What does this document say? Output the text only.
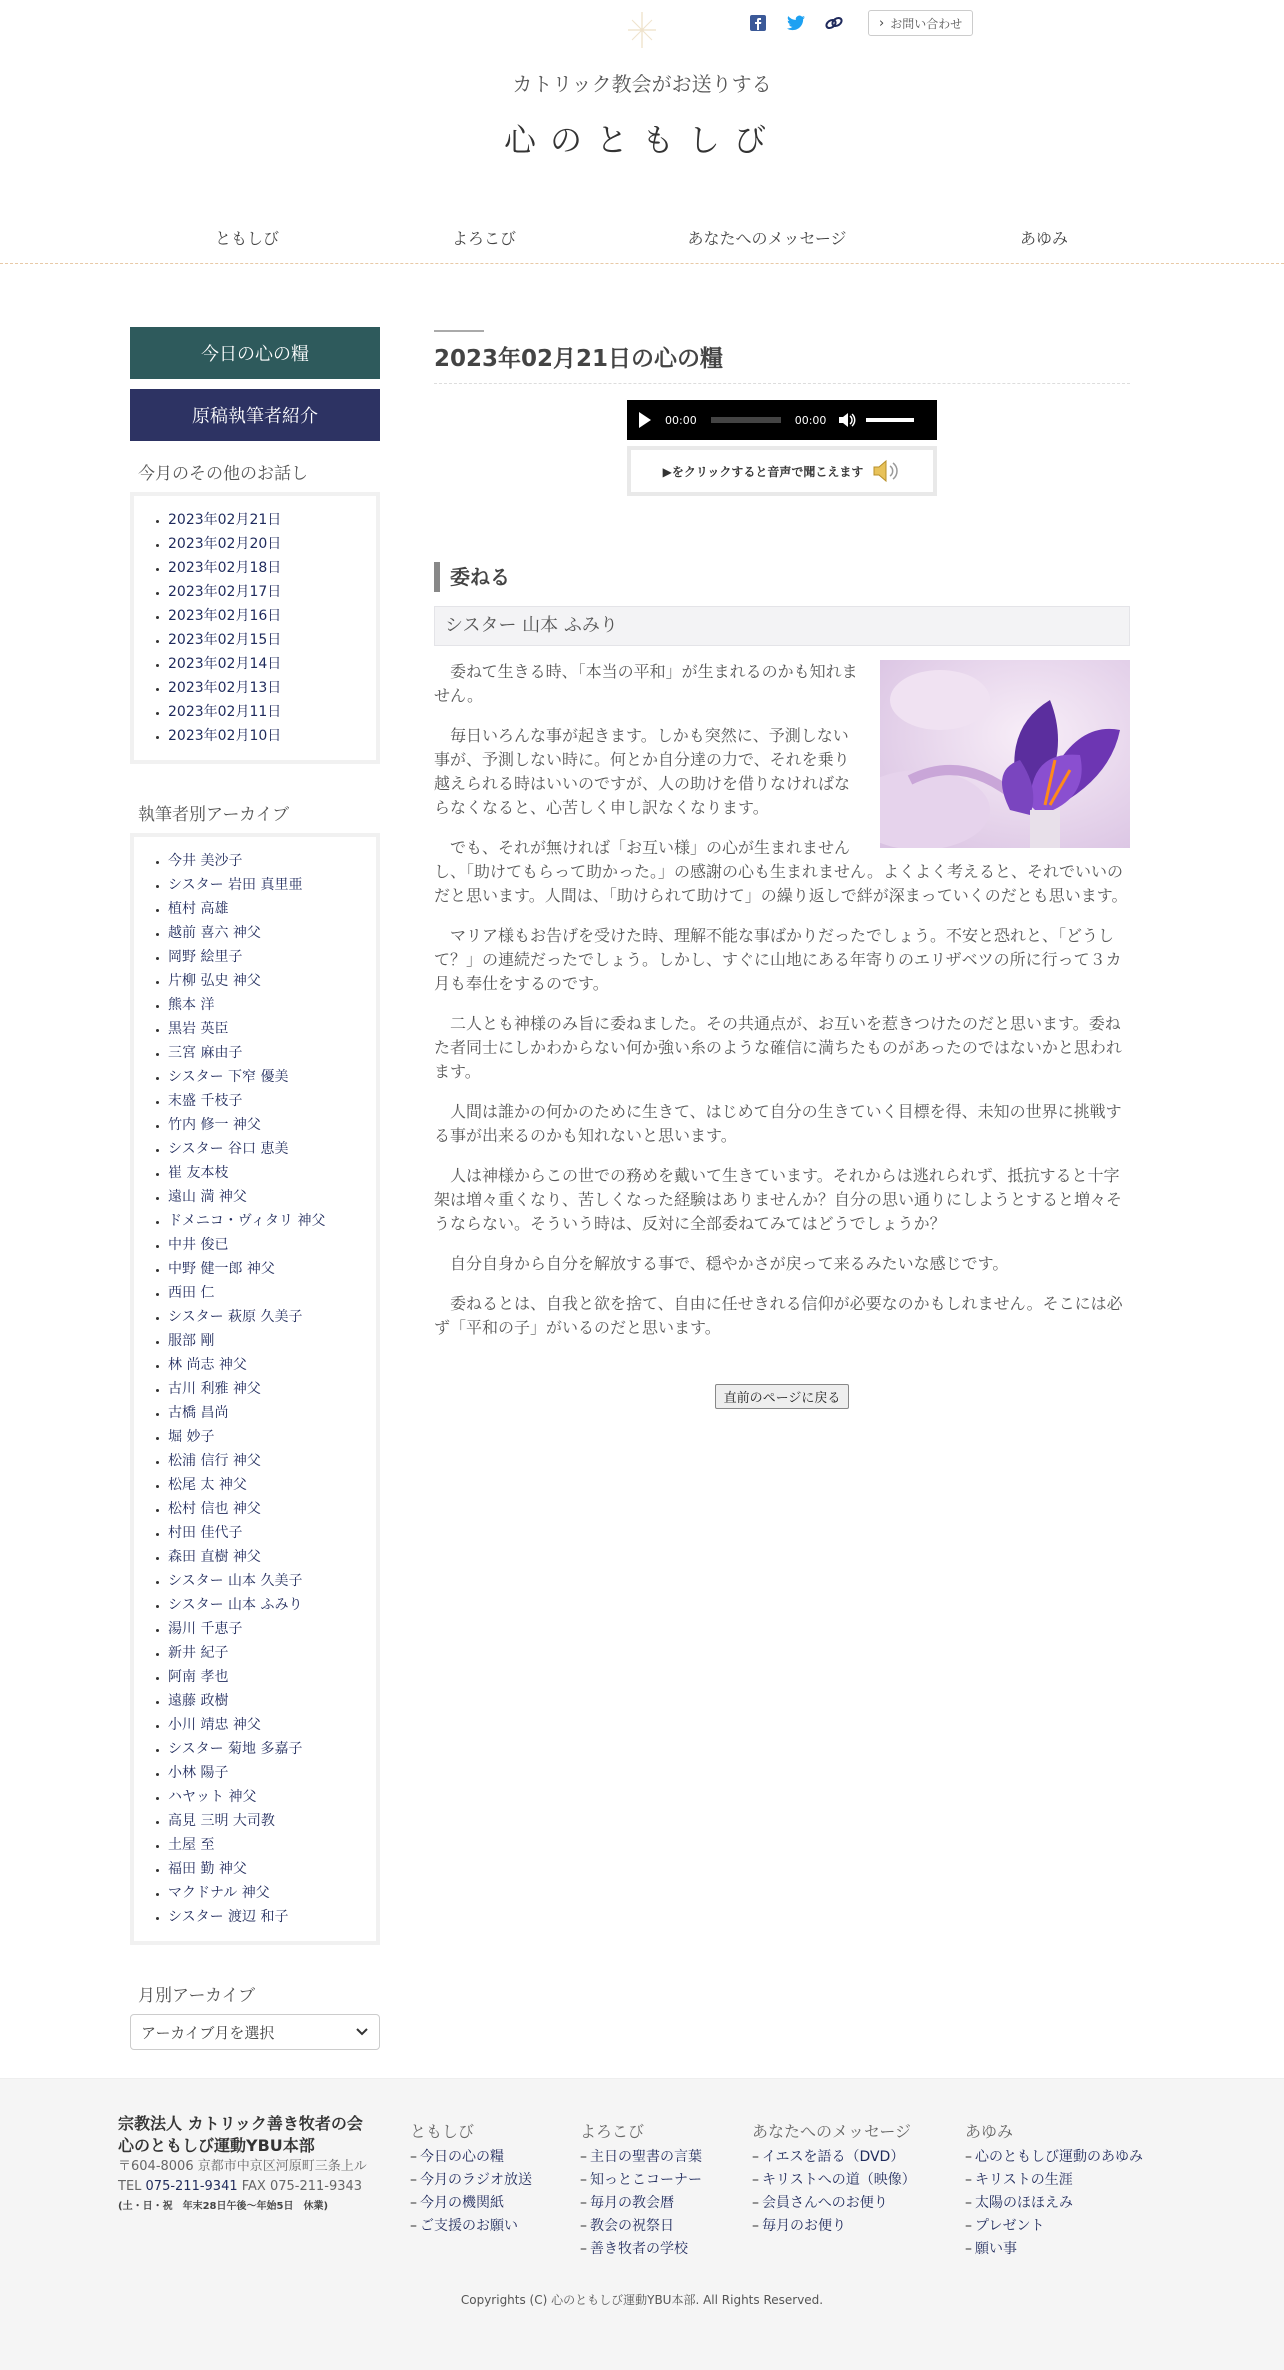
› お問い合わせ
カトリック教会がお送りする
心のともしび
ともしび	よろこび	あなたへのメッセージ	あゆみ
今日の心の糧
原稿執筆者紹介
今月のその他のお話し
• 2023年02月21日
• 2023年02月20日
• 2023年02月18日
• 2023年02月17日
• 2023年02月16日
• 2023年02月15日
• 2023年02月14日
• 2023年02月13日
• 2023年02月11日
• 2023年02月10日
執筆者別アーカイブ
• 今井 美沙子
• シスター 岩田 真里亜
• 植村 高雄
• 越前 喜六 神父
• 岡野 絵里子
• 片柳 弘史 神父
• 熊本 洋
• 黒岩 英臣
• 三宮 麻由子
• シスター 下窄 優美
• 末盛 千枝子
• 竹内 修一 神父
• シスター 谷口 恵美
• 崔 友本枝
• 遠山 満 神父
• ドメニコ・ヴィタリ 神父
• 中井 俊已
• 中野 健一郎 神父
• 西田 仁
• シスター 萩原 久美子
• 服部 剛
• 林 尚志 神父
• 古川 利雅 神父
• 古橋 昌尚
• 堀 妙子
• 松浦 信行 神父
• 松尾 太 神父
• 松村 信也 神父
• 村田 佳代子
• 森田 直樹 神父
• シスター 山本 久美子
• シスター 山本 ふみり
• 湯川 千恵子
• 新井 紀子
• 阿南 孝也
• 遠藤 政樹
• 小川 靖忠 神父
• シスター 菊地 多嘉子
• 小林 陽子
• ハヤット 神父
• 高見 三明 大司教
• 土屋 至
• 福田 勤 神父
• マクドナル 神父
• シスター 渡辺 和子
月別アーカイブ
アーカイブ月を選択
2023年02月21日の心の糧
00:00	00:00
▶をクリックすると音声で聞こえます
委ねる
シスター 山本 ふみり

委ねて生きる時、「本当の平和」が生まれるのかも知れません。

毎日いろんな事が起きます。しかも突然に、予測しない事が、予測しない時に。何とか自分達の力で、それを乗り越えられる時はいいのですが、人の助けを借りなければならなくなると、心苦しく申し訳なくなります。

でも、それが無ければ「お互い様」の心が生まれませんし、「助けてもらって助かった。」の感謝の心も生まれません。よくよく考えると、それでいいのだと思います。人間は、「助けられて助けて」の繰り返しで絆が深まっていくのだとも思います。

マリア様もお告げを受けた時、理解不能な事ばかりだったでしょう。不安と恐れと、「どうして？」の連続だったでしょう。しかし、すぐに山地にある年寄りのエリザベツの所に行って３カ月も奉仕をするのです。

二人とも神様のみ旨に委ねました。その共通点が、お互いを惹きつけたのだと思います。委ねた者同士にしかわからない何か強い糸のような確信に満ちたものがあったのではないかと思われます。

人間は誰かの何かのために生きて、はじめて自分の生きていく目標を得、未知の世界に挑戦する事が出来るのかも知れないと思います。

人は神様からこの世での務めを戴いて生きています。それからは逃れられず、抵抗すると十字架は増々重くなり、苦しくなった経験はありませんか？自分の思い通りにしようとすると増々そうならない。そういう時は、反対に全部委ねてみてはどうでしょうか？

自分自身から自分を解放する事で、穏やかさが戻って来るみたいな感じです。

委ねるとは、自我と欲を捨て、自由に任せきれる信仰が必要なのかもしれません。そこには必ず「平和の子」がいるのだと思います。

直前のページに戻る
宗教法人 カトリック善き牧者の会
心のともしび運動YBU本部
〒604-8006 京都市中京区河原町三条上ル
TEL 075-211-9341 FAX 075-211-9343
(土・日・祝　年末28日午後〜年始5日　休業)
ともしび
– 今日の心の糧
– 今月のラジオ放送
– 今月の機関紙
– ご支援のお願い
よろこび
– 主日の聖書の言葉
– 知っとこコーナー
– 毎月の教会暦
– 教会の祝祭日
– 善き牧者の学校
あなたへのメッセージ
– イエスを語る（DVD）
– キリストへの道（映像）
– 会員さんへのお便り
– 毎月のお便り
あゆみ
– 心のともしび運動のあゆみ
– キリストの生涯
– 太陽のほほえみ
– プレゼント
– 願い事
Copyrights (C) 心のともしび運動YBU本部. All Rights Reserved.
